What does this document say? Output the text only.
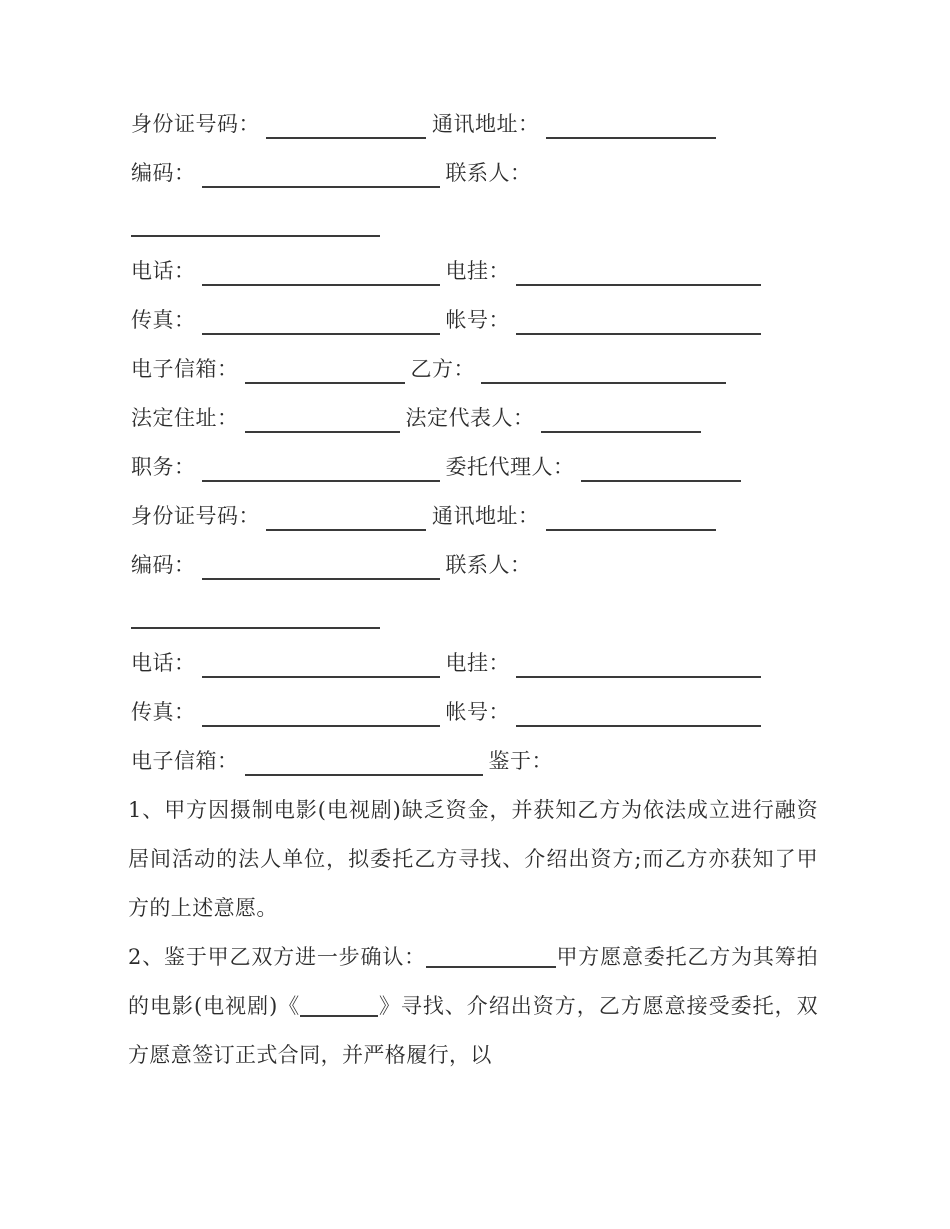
身份证号码：	通讯地址：
编码：	联系人：
电话：	电挂：
传真：	帐号：
电子信箱：	乙方：
法定住址：	法定代表人：
职务：	委托代理人：
身份证号码：	通讯地址：
编码：	联系人：
电话：	电挂：
传真：	帐号：
电子信箱：	鉴于：

1、甲方因摄制电影(电视剧)缺乏资金，并获知乙方为依法成立进行融资居间活动的法人单位，拟委托乙方寻找、介绍出资方;而乙方亦获知了甲方的上述意愿。

2、鉴于甲乙双方进一步确认：	甲方愿意委托乙方为其筹拍的电影(电视剧)《	》寻找、介绍出资方，乙方愿意接受委托，双方愿意签订正式合同，并严格履行，以
